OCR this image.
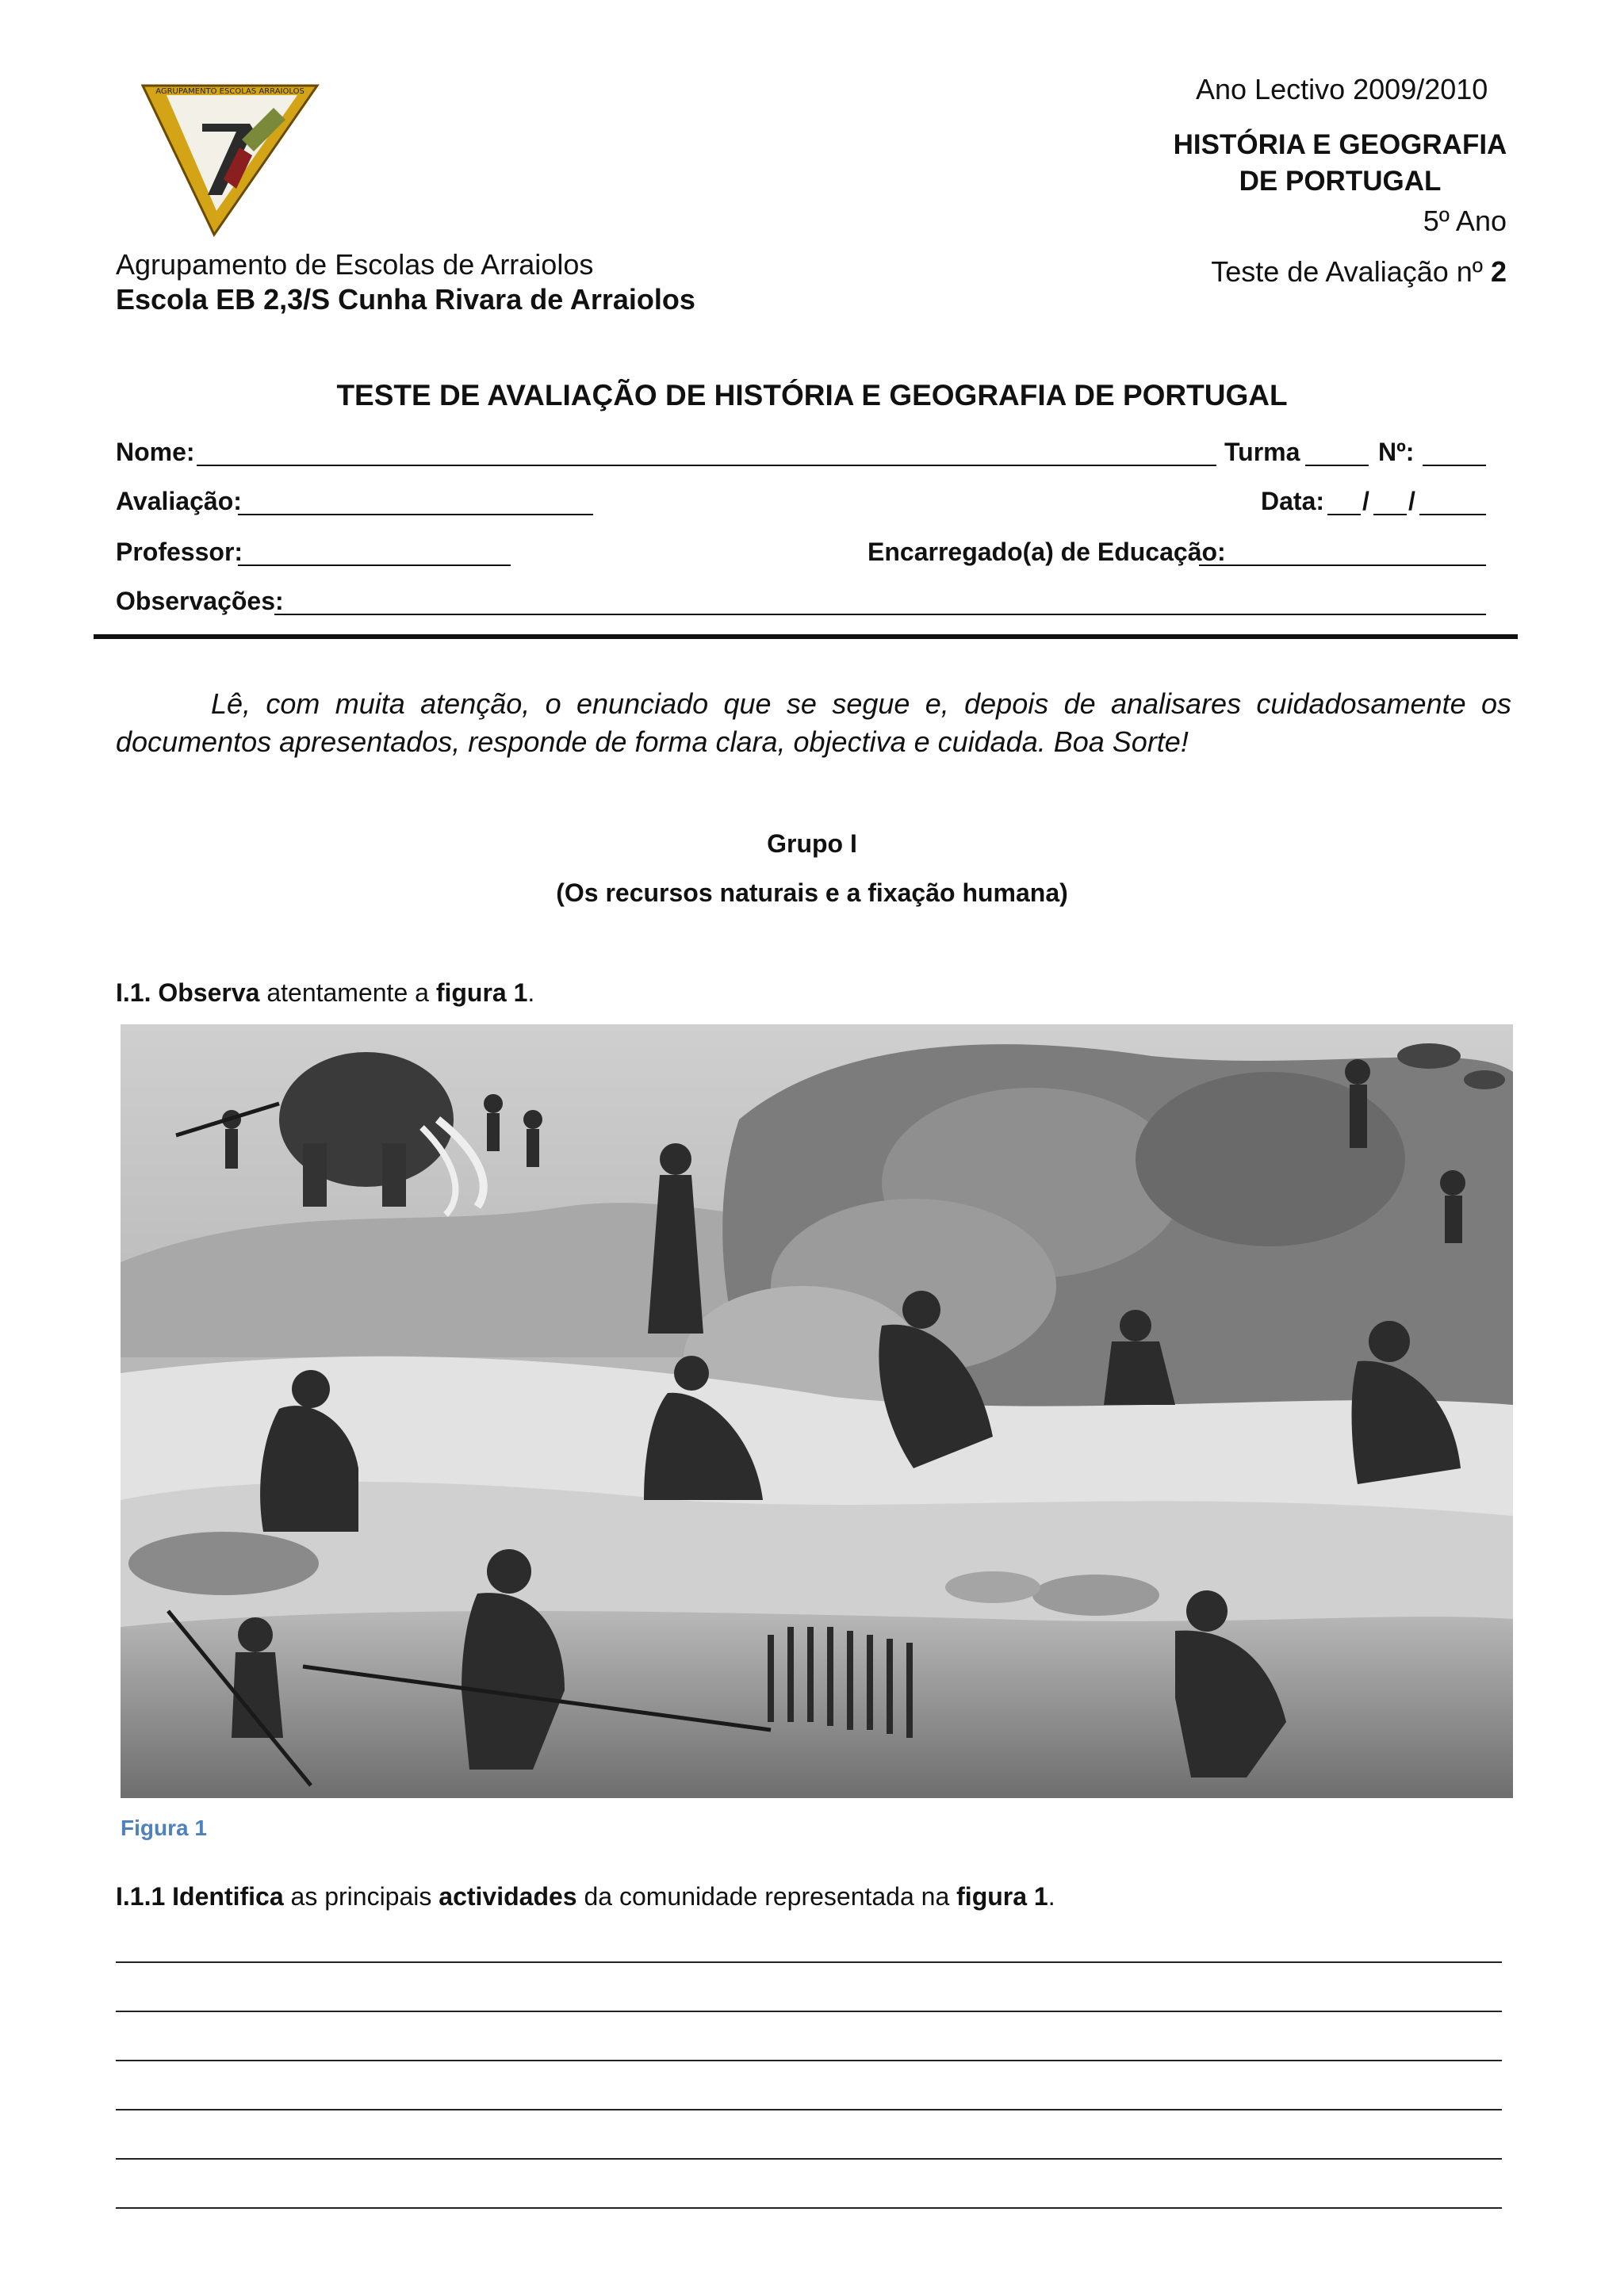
AGRUPAMENTO ESCOLAS ARRAIOLOS
Agrupamento de Escolas de Arraiolos
Escola EB 2,3/S Cunha Rivara de Arraiolos
Ano Lectivo 2009/2010
HISTÓRIA E GEOGRAFIA
DE PORTUGAL
5º Ano
Teste de Avaliação nº 2
TESTE DE AVALIAÇÃO DE HISTÓRIA E GEOGRAFIA DE PORTUGAL
Nome:	Turma	Nº:
Avaliação:	Data: / /
Professor:	Encarregado(a) de Educação:
Observações:
Lê, com muita atenção, o enunciado que se segue e, depois de analisares cuidadosamente os documentos apresentados, responde de forma clara, objectiva e cuidada. Boa Sorte!
Grupo I
(Os recursos naturais e a fixação humana)
I.1. Observa atentamente a figura 1.
Figura 1
I.1.1 Identifica as principais actividades da comunidade representada na figura 1.
